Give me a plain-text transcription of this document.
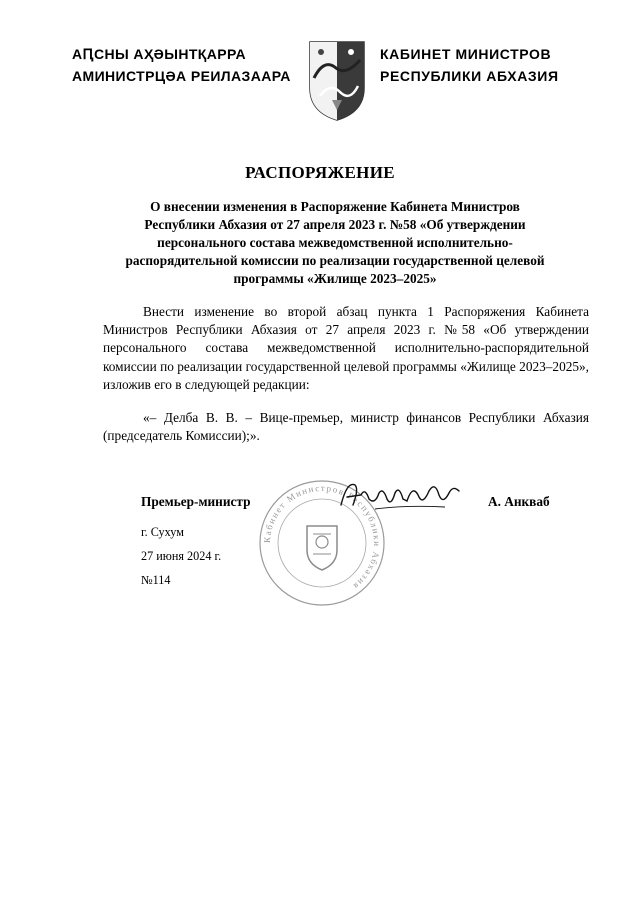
АԤСНЫ АҲӘЫНТҚАРРА
АМИНИСТРЦӘА РЕИЛАЗААРА
КАБИНЕТ МИНИСТРОВ
РЕСПУБЛИКИ АБХАЗИЯ
РАСПОРЯЖЕНИЕ
О внесении изменения в Распоряжение Кабинета Министров Республики Абхазия от 27 апреля 2023 г. №58 «Об утверждении персонального состава межведомственной исполнительно-распорядительной комиссии по реализации государственной целевой программы «Жилище 2023–2025»
Внести изменение во второй абзац пункта 1 Распоряжения Кабинета Министров Республики Абхазия от 27 апреля 2023 г. №58 «Об утверждении персонального состава межведомственной исполнительно-распорядительной комиссии по реализации государственной целевой программы «Жилище 2023–2025», изложив его в следующей редакции:
«– Делба В. В. – Вице-премьер, министр финансов Республики Абхазия (председатель Комиссии);».
Кабинет Министров Республики Абхазия
Премьер-министр	А. Анкваб
г. Сухум
27 июня 2024 г.
№114
